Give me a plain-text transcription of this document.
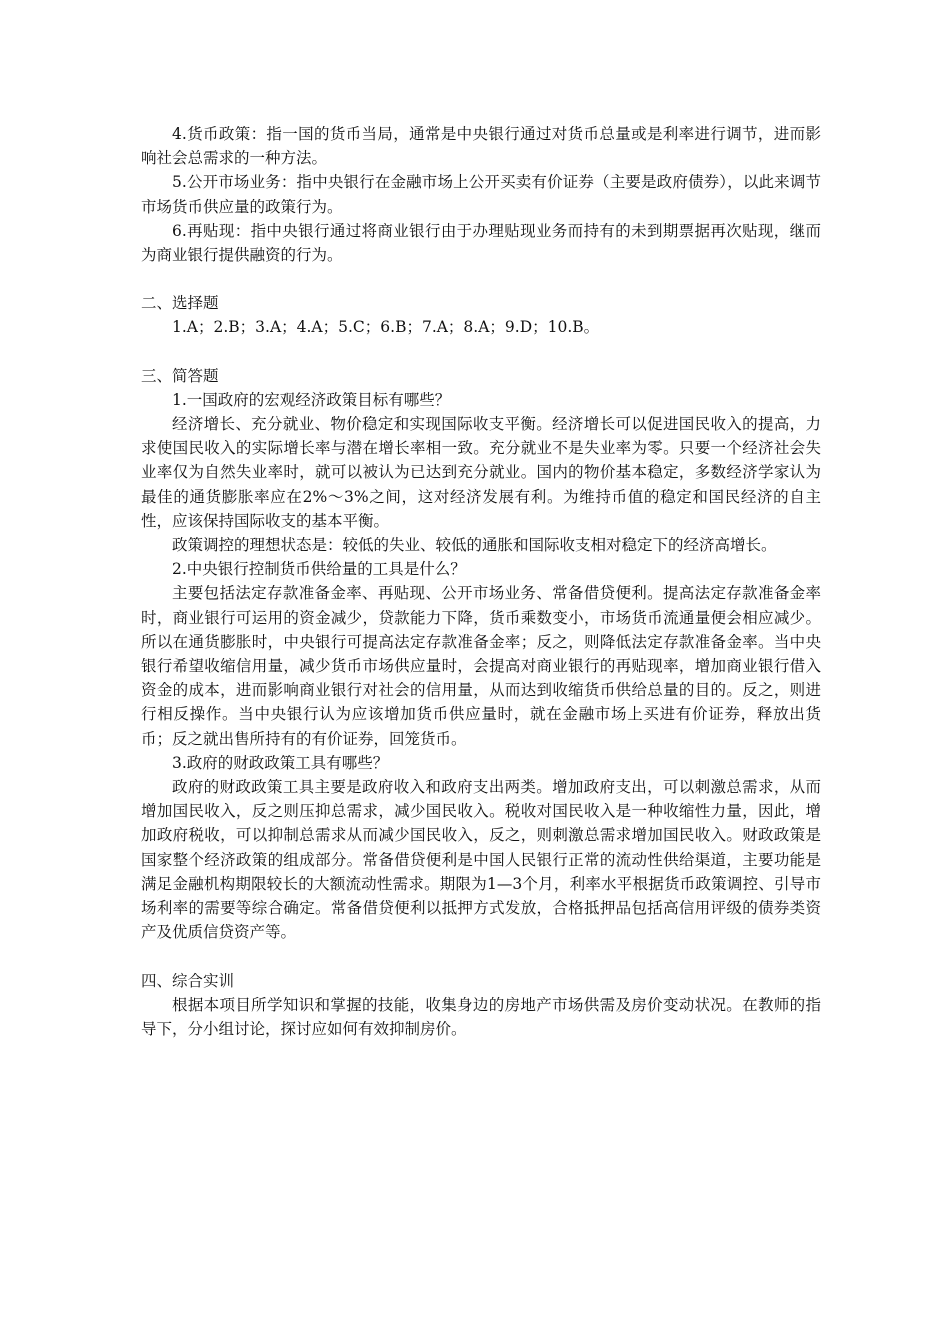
4.货币政策：指一国的货币当局，通常是中央银行通过对货币总量或是利率进行调节，进而影响社会总需求的一种方法。

5.公开市场业务：指中央银行在金融市场上公开买卖有价证券（主要是政府债券），以此来调节市场货币供应量的政策行为。

6.再贴现：指中央银行通过将商业银行由于办理贴现业务而持有的未到期票据再次贴现，继而为商业银行提供融资的行为。

二、选择题

1.A；2.B；3.A；4.A；5.C；6.B；7.A；8.A；9.D；10.B。

三、简答题

1.一国政府的宏观经济政策目标有哪些？

经济增长、充分就业、物价稳定和实现国际收支平衡。经济增长可以促进国民收入的提高，力求使国民收入的实际增长率与潜在增长率相一致。充分就业不是失业率为零。只要一个经济社会失业率仅为自然失业率时，就可以被认为已达到充分就业。国内的物价基本稳定，多数经济学家认为最佳的通货膨胀率应在2%～3%之间，这对经济发展有利。为维持币值的稳定和国民经济的自主性，应该保持国际收支的基本平衡。

政策调控的理想状态是：较低的失业、较低的通胀和国际收支相对稳定下的经济高增长。

2.中央银行控制货币供给量的工具是什么？

主要包括法定存款准备金率、再贴现、公开市场业务、常备借贷便利。提高法定存款准备金率时，商业银行可运用的资金减少，贷款能力下降，货币乘数变小，市场货币流通量便会相应减少。所以在通货膨胀时，中央银行可提高法定存款准备金率；反之，则降低法定存款准备金率。当中央银行希望收缩信用量，减少货币市场供应量时，会提高对商业银行的再贴现率，增加商业银行借入资金的成本，进而影响商业银行对社会的信用量，从而达到收缩货币供给总量的目的。反之，则进行相反操作。当中央银行认为应该增加货币供应量时，就在金融市场上买进有价证券，释放出货币；反之就出售所持有的有价证券，回笼货币。

3.政府的财政政策工具有哪些？

政府的财政政策工具主要是政府收入和政府支出两类。增加政府支出，可以刺激总需求，从而增加国民收入，反之则压抑总需求，减少国民收入。税收对国民收入是一种收缩性力量，因此，增加政府税收，可以抑制总需求从而减少国民收入，反之，则刺激总需求增加国民收入。财政政策是国家整个经济政策的组成部分。常备借贷便利是中国人民银行正常的流动性供给渠道，主要功能是满足金融机构期限较长的大额流动性需求。期限为1—3个月，利率水平根据货币政策调控、引导市场利率的需要等综合确定。常备借贷便利以抵押方式发放，合格抵押品包括高信用评级的债券类资产及优质信贷资产等。

四、综合实训

根据本项目所学知识和掌握的技能，收集身边的房地产市场供需及房价变动状况。在教师的指导下，分小组讨论，探讨应如何有效抑制房价。
